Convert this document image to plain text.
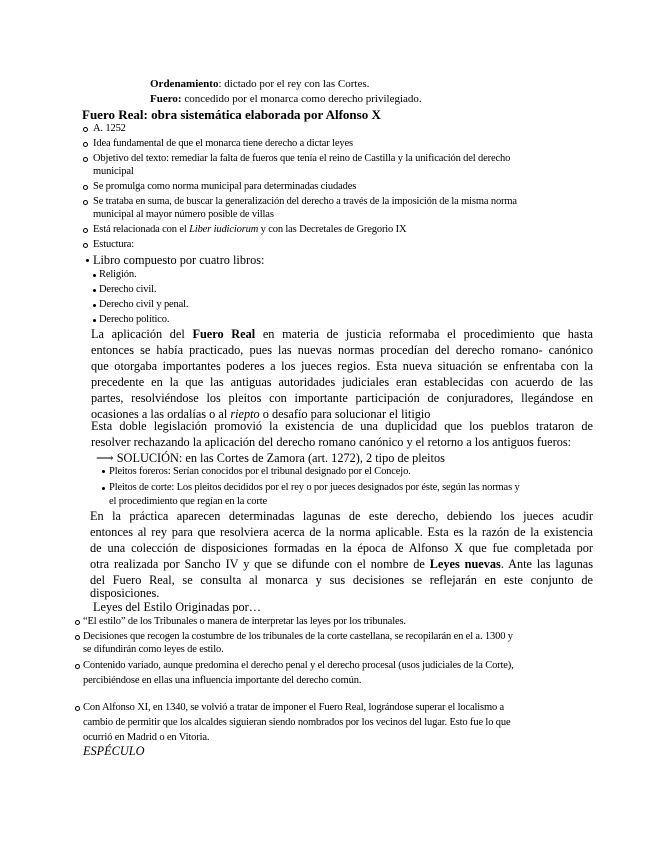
Ordenamiento: dictado por el rey con las Cortes.
Fuero: concedido por el monarca como derecho privilegiado.
Fuero Real: obra sistemática elaborada por Alfonso X
A. 1252
Idea fundamental de que el monarca tiene derecho a dictar leyes
Objetivo del texto: remediar la falta de fueros que tenía el reino de Castilla y la unificación del derecho
municipal
Se promulga como norma municipal para determinadas ciudades
Se trataba en suma, de buscar la generalización del derecho a través de la imposición de la misma norma
municipal al mayor número posible de villas
Está relacionada con el Liber iudiciorum y con las Decretales de Gregorio IX
Estuctura:
Libro compuesto por cuatro libros:
Religión.
Derecho civil.
Derecho civil y penal.
Derecho político.
La aplicación del Fuero Real en materia de justicia reformaba el procedimiento que hasta
entonces se había practicado, pues las nuevas normas procedían del derecho romano- canónico
que otorgaba importantes poderes a los jueces regios. Esta nueva situación se enfrentaba con la
precedente en la que las antiguas autoridades judiciales eran establecidas con acuerdo de las
partes, resolviéndose los pleitos con importante participación de conjuradores, llegándose en
ocasiones a las ordalías o al riepto o desafío para solucionar el litigio
Esta doble legislación promovió la existencia de una duplicidad que los pueblos trataron de
resolver rechazando la aplicación del derecho romano canónico y el retorno a los antiguos fueros:
⟶ SOLUCIÓN: en las Cortes de Zamora (art. 1272), 2 tipo de pleitos
Pleitos foreros: Serían conocidos por el tribunal designado por el Concejo.
Pleitos de corte: Los pleitos decididos por el rey o por jueces designados por éste, según las normas y
el procedimiento que regían en la corte
En la práctica aparecen determinadas lagunas de este derecho, debiendo los jueces acudir
entonces al rey para que resolviera acerca de la norma aplicable. Esta es la razón de la existencia
de una colección de disposiciones formadas en la época de Alfonso X que fue completada por
otra realizada por Sancho IV y que se difunde con el nombre de Leyes nuevas. Ante las lagunas
del Fuero Real, se consulta al monarca y sus decisiones se reflejarán en este conjunto de
disposiciones.
Leyes del Estilo Originadas por…
“El estilo” de los Tribunales o manera de interpretar las leyes por los tribunales.
Decisiones que recogen la costumbre de los tribunales de la corte castellana, se recopilarán en el a. 1300 y
se difundirán como leyes de estilo.
Contenido variado, aunque predomina el derecho penal y el derecho procesal (usos judiciales de la Corte),
percibiéndose en ellas una influencia importante del derecho común.
Con Alfonso XI, en 1340, se volvió a tratar de imponer el Fuero Real, lográndose superar el localismo a
cambio de permitir que los alcaldes siguieran siendo nombrados por los vecinos del lugar. Esto fue lo que
ocurrió en Madrid o en Vitoria.
ESPÉCULO
